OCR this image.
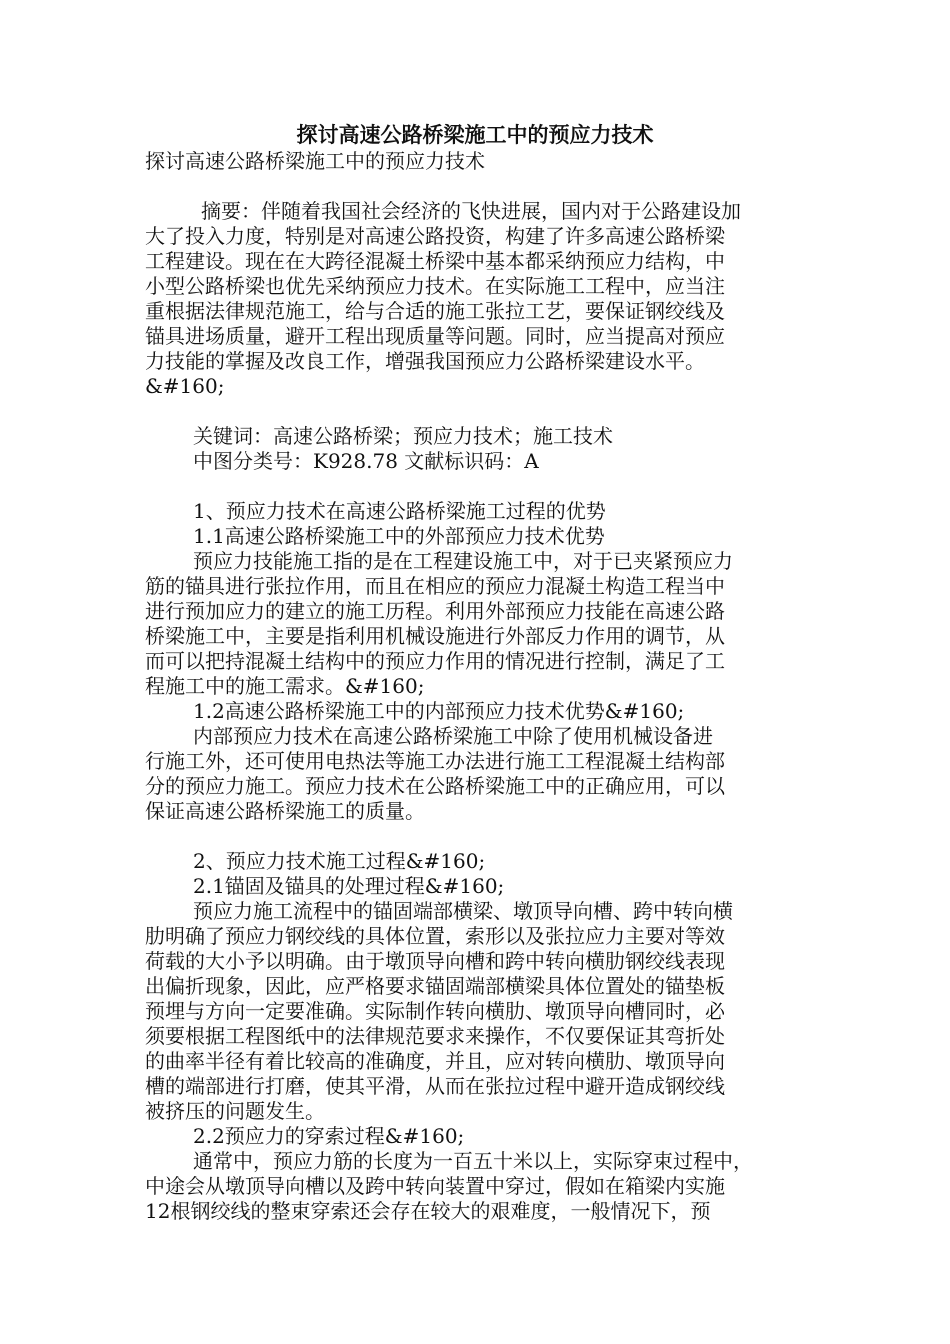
探讨高速公路桥梁施工中的预应力技术
探讨高速公路桥梁施工中的预应力技术
摘要：伴随着我国社会经济的飞快进展，国内对于公路建设加
大了投入力度，特别是对高速公路投资，构建了许多高速公路桥梁
工程建设。现在在大跨径混凝土桥梁中基本都采纳预应力结构，中
小型公路桥梁也优先采纳预应力技术。在实际施工工程中，应当注
重根据法律规范施工，给与合适的施工张拉工艺，要保证钢绞线及
锚具进场质量，避开工程出现质量等问题。同时，应当提高对预应
力技能的掌握及改良工作，增强我国预应力公路桥梁建设水平。
&#160;
关键词：高速公路桥梁；预应力技术；施工技术
中图分类号：K928.78 文献标识码：A
1、预应力技术在高速公路桥梁施工过程的优势
1.1高速公路桥梁施工中的外部预应力技术优势
预应力技能施工指的是在工程建设施工中，对于已夹紧预应力
筋的锚具进行张拉作用，而且在相应的预应力混凝土构造工程当中
进行预加应力的建立的施工历程。利用外部预应力技能在高速公路
桥梁施工中，主要是指利用机械设施进行外部反力作用的调节，从
而可以把持混凝土结构中的预应力作用的情况进行控制，满足了工
程施工中的施工需求。&#160;
1.2高速公路桥梁施工中的内部预应力技术优势&#160;
内部预应力技术在高速公路桥梁施工中除了使用机械设备进
行施工外，还可使用电热法等施工办法进行施工工程混凝土结构部
分的预应力施工。预应力技术在公路桥梁施工中的正确应用，可以
保证高速公路桥梁施工的质量。
2、预应力技术施工过程&#160;
2.1锚固及锚具的处理过程&#160;
预应力施工流程中的锚固端部横梁、墩顶导向槽、跨中转向横
肋明确了预应力钢绞线的具体位置，索形以及张拉应力主要对等效
荷载的大小予以明确。由于墩顶导向槽和跨中转向横肋钢绞线表现
出偏折现象，因此，应严格要求锚固端部横梁具体位置处的锚垫板
预埋与方向一定要准确。实际制作转向横肋、墩顶导向槽同时，必
须要根据工程图纸中的法律规范要求来操作，不仅要保证其弯折处
的曲率半径有着比较高的准确度，并且，应对转向横肋、墩顶导向
槽的端部进行打磨，使其平滑，从而在张拉过程中避开造成钢绞线
被挤压的问题发生。
2.2预应力的穿索过程&#160;
通常中，预应力筋的长度为一百五十米以上，实际穿束过程中，
中途会从墩顶导向槽以及跨中转向装置中穿过，假如在箱梁内实施
12根钢绞线的整束穿索还会存在较大的艰难度，一般情况下，预
